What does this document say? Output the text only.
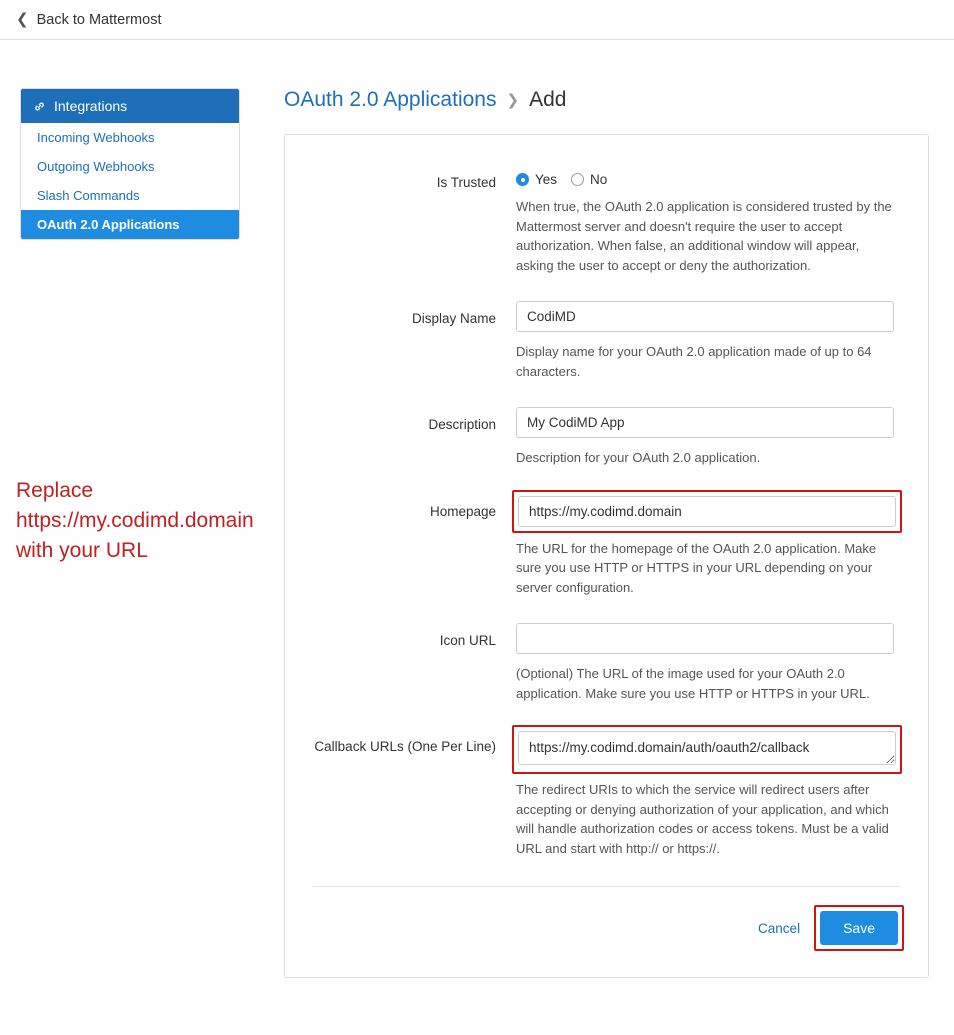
❮ Back to Mattermost
Integrations
Incoming Webhooks
Outgoing Webhooks
Slash Commands
OAuth 2.0 Applications
OAuth 2.0 Applications ❯ Add
Is Trusted	Yes No
When true, the OAuth 2.0 application is considered trusted by the Mattermost server and doesn't require the user to accept authorization. When false, an additional window will appear, asking the user to accept or deny the authorization.
Display Name
CodiMD
Display name for your OAuth 2.0 application made of up to 64 characters.
Description
My CodiMD App
Description for your OAuth 2.0 application.
Homepage
https://my.codimd.domain
The URL for the homepage of the OAuth 2.0 application. Make sure you use HTTP or HTTPS in your URL depending on your server configuration.
Icon URL
(Optional) The URL of the image used for your OAuth 2.0 application. Make sure you use HTTP or HTTPS in your URL.
Callback URLs (One Per Line)
https://my.codimd.domain/auth/oauth2/callback
The redirect URIs to which the service will redirect users after accepting or denying authorization of your application, and which will handle authorization codes or access tokens. Must be a valid URL and start with http:// or https://.
Cancel	Save
Replace https://my.codimd.domain with your URL
